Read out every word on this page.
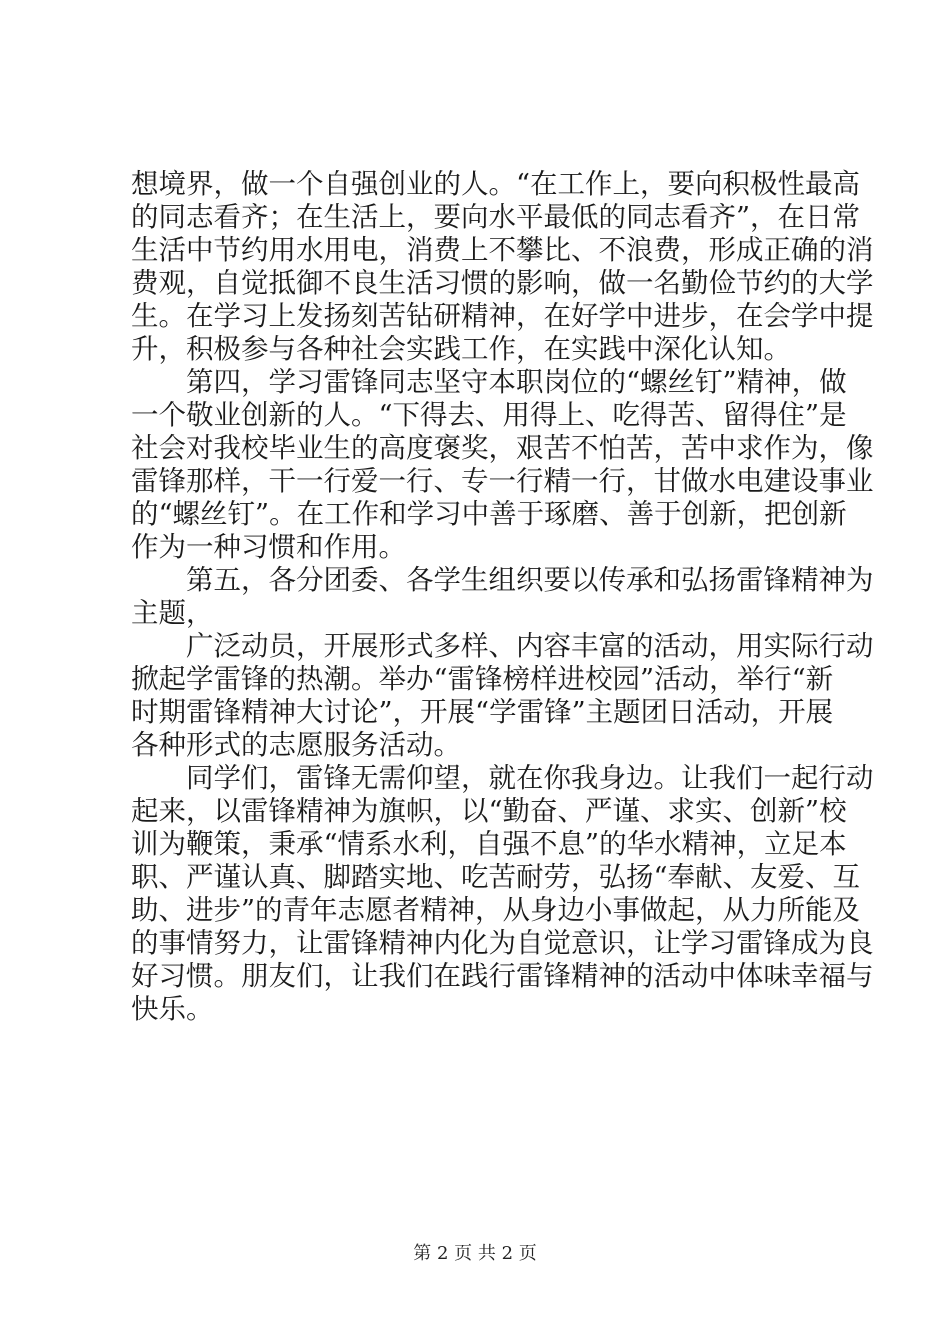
想境界，做一个自强创业的人。“在工作上，要向积极性最高
的同志看齐；在生活上，要向水平最低的同志看齐”，在日常
生活中节约用水用电，消费上不攀比、不浪费，形成正确的消
费观，自觉抵御不良生活习惯的影响，做一名勤俭节约的大学
生。在学习上发扬刻苦钻研精神，在好学中进步，在会学中提
升，积极参与各种社会实践工作，在实践中深化认知。
第四，学习雷锋同志坚守本职岗位的“螺丝钉”精神，做
一个敬业创新的人。“下得去、用得上、吃得苦、留得住”是
社会对我校毕业生的高度褒奖，艰苦不怕苦，苦中求作为，像
雷锋那样，干一行爱一行、专一行精一行，甘做水电建设事业
的“螺丝钉”。在工作和学习中善于琢磨、善于创新，把创新
作为一种习惯和作用。
第五，各分团委、各学生组织要以传承和弘扬雷锋精神为
主题，
广泛动员，开展形式多样、内容丰富的活动，用实际行动
掀起学雷锋的热潮。举办“雷锋榜样进校园”活动，举行“新
时期雷锋精神大讨论”，开展“学雷锋”主题团日活动，开展
各种形式的志愿服务活动。
同学们，雷锋无需仰望，就在你我身边。让我们一起行动
起来，以雷锋精神为旗帜，以“勤奋、严谨、求实、创新”校
训为鞭策，秉承“情系水利，自强不息”的华水精神，立足本
职、严谨认真、脚踏实地、吃苦耐劳，弘扬“奉献、友爱、互
助、进步”的青年志愿者精神，从身边小事做起，从力所能及
的事情努力，让雷锋精神内化为自觉意识，让学习雷锋成为良
好习惯。朋友们，让我们在践行雷锋精神的活动中体味幸福与
快乐。
第 2 页 共 2 页
